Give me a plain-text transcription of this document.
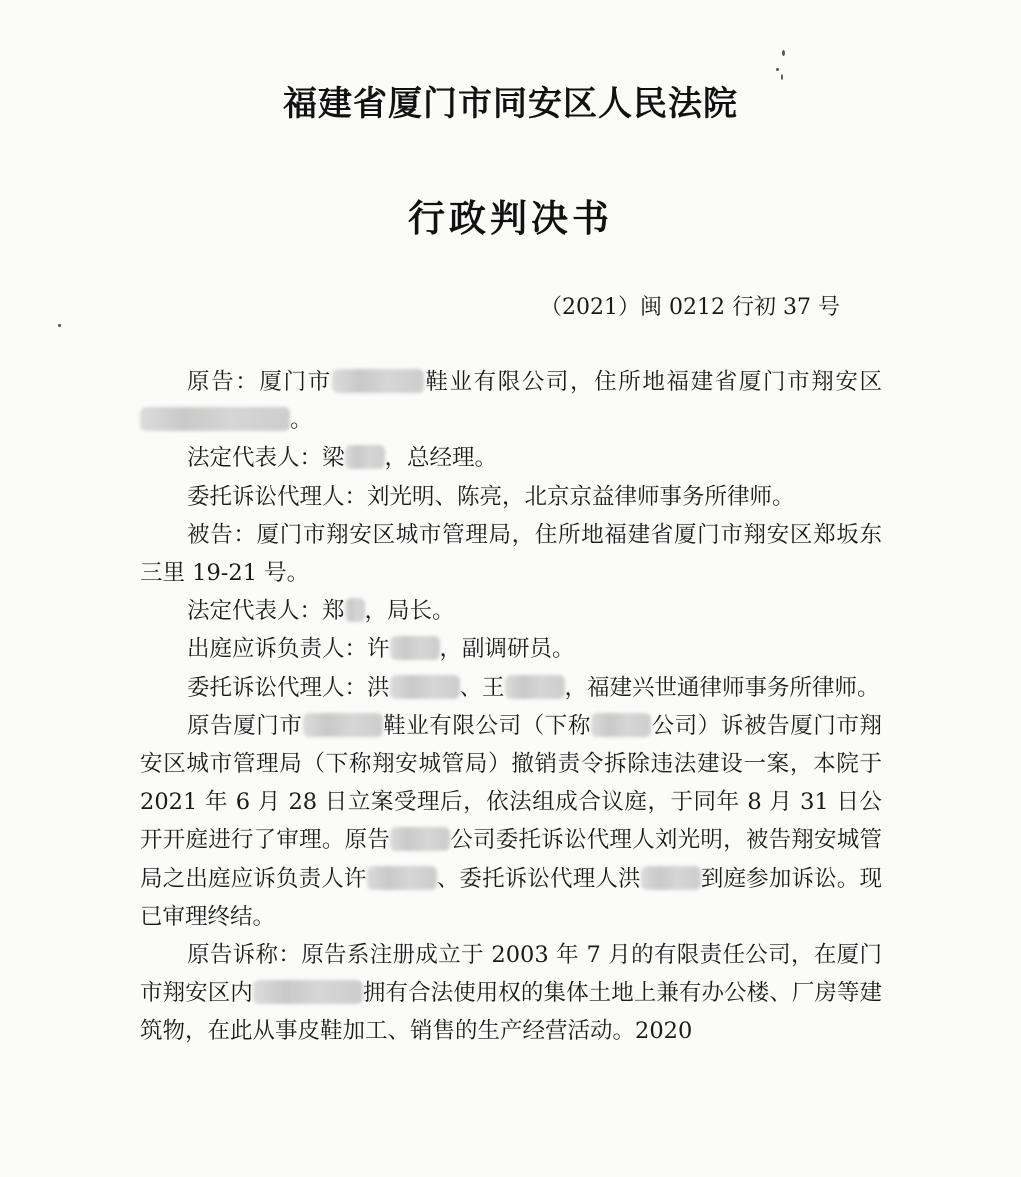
福建省厦门市同安区人民法院
行政判决书
（2021）闽 0212 行初 37 号

原告：厦门市	鞋业有限公司，住所地福建省厦门市翔安区。

法定代表人：梁 ，总经理。

委托诉讼代理人：刘光明、陈亮，北京京益律师事务所律师。

被告：厦门市翔安区城市管理局，住所地福建省厦门市翔安区郑坂东三里 19-21 号。

法定代表人：郑 ，局长。

出庭应诉负责人：许 ，副调研员。

委托诉讼代理人：洪	、王	，福建兴世通律师事务所律师。

原告厦门市	鞋业有限公司（下称	公司）诉被告厦门市翔安区城市管理局（下称翔安城管局）撤销责令拆除违法建设一案，本院于 2021 年 6 月 28 日立案受理后，依法组成合议庭，于同年 8 月 31 日公开开庭进行了审理。原告	公司委托诉讼代理人刘光明，被告翔安城管局之出庭应诉负责人许	、委托诉讼代理人洪	到庭参加诉讼。现已审理终结。

原告诉称：原告系注册成立于 2003 年 7 月的有限责任公司，在厦门市翔安区内	拥有合法使用权的集体土地上兼有办公楼、厂房等建筑物，在此从事皮鞋加工、销售的生产经营活动。2020
